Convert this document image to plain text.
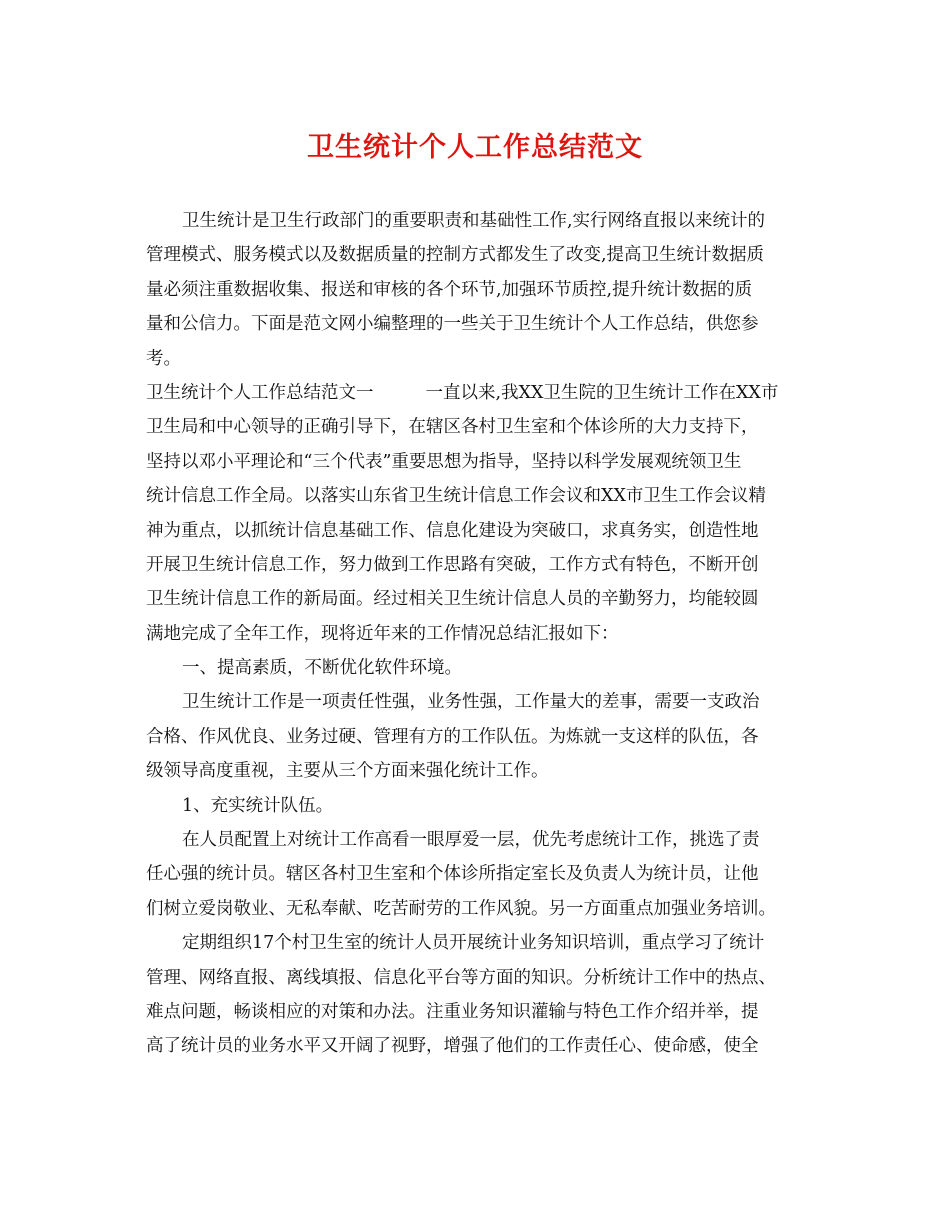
卫生统计个人工作总结范文
卫生统计是卫生行政部门的重要职责和基础性工作,实行网络直报以来统计的
管理模式、服务模式以及数据质量的控制方式都发生了改变,提高卫生统计数据质
量必须注重数据收集、报送和审核的各个环节,加强环节质控,提升统计数据的质
量和公信力。下面是范文网小编整理的一些关于卫生统计个人工作总结，供您参
考。
卫生统计个人工作总结范文一	一直以来,我XX卫生院的卫生统计工作在XX市
卫生局和中心领导的正确引导下，在辖区各村卫生室和个体诊所的大力支持下，
坚持以邓小平理论和“三个代表”重要思想为指导，坚持以科学发展观统领卫生
统计信息工作全局。以落实山东省卫生统计信息工作会议和XX市卫生工作会议精
神为重点，以抓统计信息基础工作、信息化建设为突破口，求真务实，创造性地
开展卫生统计信息工作，努力做到工作思路有突破，工作方式有特色，不断开创
卫生统计信息工作的新局面。经过相关卫生统计信息人员的辛勤努力，均能较圆
满地完成了全年工作，现将近年来的工作情况总结汇报如下：
一、提高素质，不断优化软件环境。
卫生统计工作是一项责任性强，业务性强，工作量大的差事，需要一支政治
合格、作风优良、业务过硬、管理有方的工作队伍。为炼就一支这样的队伍，各
级领导高度重视，主要从三个方面来强化统计工作。
1、充实统计队伍。
在人员配置上对统计工作高看一眼厚爱一层，优先考虑统计工作，挑选了责
任心强的统计员。辖区各村卫生室和个体诊所指定室长及负责人为统计员，让他
们树立爱岗敬业、无私奉献、吃苦耐劳的工作风貌。另一方面重点加强业务培训。
定期组织17个村卫生室的统计人员开展统计业务知识培训，重点学习了统计
管理、网络直报、离线填报、信息化平台等方面的知识。分析统计工作中的热点、
难点问题，畅谈相应的对策和办法。注重业务知识灌输与特色工作介绍并举，提
高了统计员的业务水平又开阔了视野，增强了他们的工作责任心、使命感，使全
